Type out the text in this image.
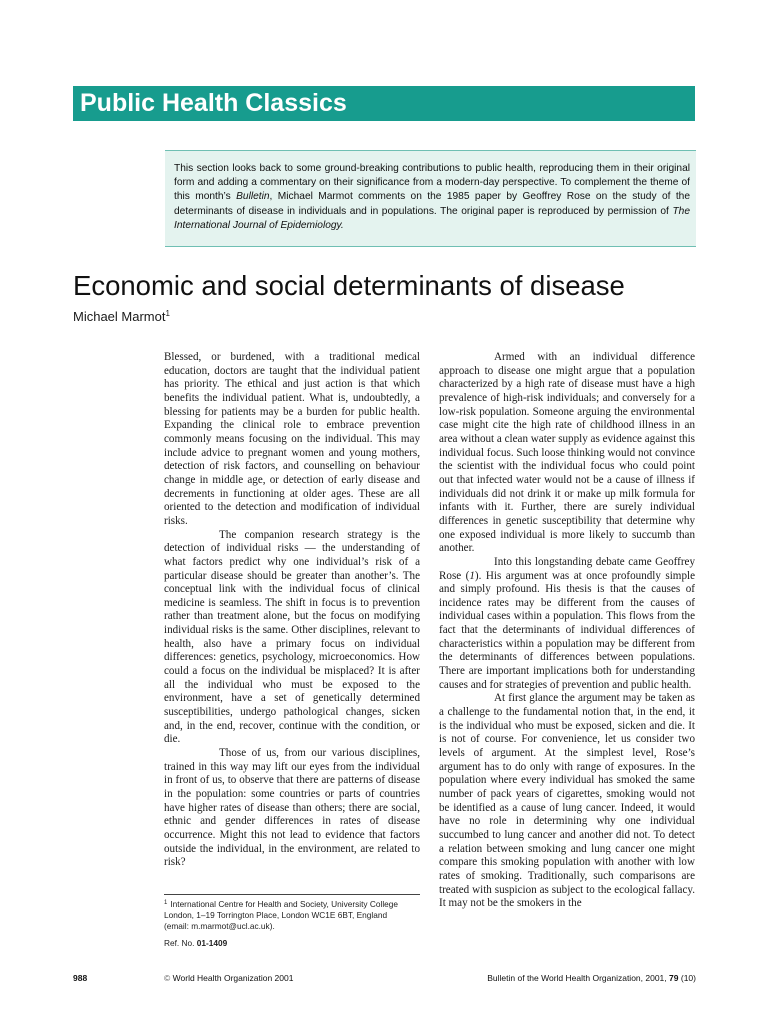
Public Health Classics
This section looks back to some ground-breaking contributions to public health, reproducing them in their original form and adding a commentary on their significance from a modern-day perspective. To complement the theme of this month’s Bulletin, Michael Marmot comments on the 1985 paper by Geoffrey Rose on the study of the determinants of disease in individuals and in populations. The original paper is reproduced by permission of The International Journal of Epidemiology.
Economic and social determinants of disease
Michael Marmot$^1$

Blessed, or burdened, with a traditional medical education, doctors are taught that the individual patient has priority. The ethical and just action is that which benefits the individual patient. What is, undoubtedly, a blessing for patients may be a burden for public health. Expanding the clinical role to embrace prevention commonly means focusing on the individual. This may include advice to pregnant women and young mothers, detection of risk factors, and counselling on behaviour change in middle age, or detection of early disease and decrements in functioning at older ages. These are all oriented to the detection and modification of individual risks.

The companion research strategy is the detection of individual risks — the understanding of what factors predict why one individual’s risk of a particular disease should be greater than another’s. The conceptual link with the individual focus of clinical medicine is seamless. The shift in focus is to prevention rather than treatment alone, but the focus on modifying individual risks is the same. Other disciplines, relevant to health, also have a primary focus on individual differences: genetics, psychology, microeconomics. How could a focus on the individual be misplaced? It is after all the individual who must be exposed to the environment, have a set of genetically determined susceptibilities, undergo pathological changes, sicken and, in the end, recover, continue with the condition, or die.

Those of us, from our various disciplines, trained in this way may lift our eyes from the individual in front of us, to observe that there are patterns of disease in the population: some countries or parts of countries have higher rates of disease than others; there are social, ethnic and gender differences in rates of disease occurrence. Might this not lead to evidence that factors outside the individual, in the environment, are related to risk?

Armed with an individual difference approach to disease one might argue that a population characterized by a high rate of disease must have a high prevalence of high-risk individuals; and conversely for a low-risk population. Someone arguing the environmental case might cite the high rate of childhood illness in an area without a clean water supply as evidence against this individual focus. Such loose thinking would not convince the scientist with the individual focus who could point out that infected water would not be a cause of illness if individuals did not drink it or make up milk formula for infants with it. Further, there are surely individual differences in genetic susceptibility that determine why one exposed individual is more likely to succumb than another.

Into this longstanding debate came Geoffrey Rose (1). His argument was at once profoundly simple and simply profound. His thesis is that the causes of incidence rates may be different from the causes of individual cases within a population. This flows from the fact that the determinants of individual differences of characteristics within a population may be different from the determinants of differences between populations. There are important implications both for understanding causes and for strategies of prevention and public health.

At first glance the argument may be taken as a challenge to the fundamental notion that, in the end, it is the individual who must be exposed, sicken and die. It is not of course. For convenience, let us consider two levels of argument. At the simplest level, Rose’s argument has to do only with range of exposures. In the population where every individual has smoked the same number of pack years of cigarettes, smoking would not be identified as a cause of lung cancer. Indeed, it would have no role in determining why one individual succumbed to lung cancer and another did not. To detect a relation between smoking and lung cancer one might compare this smoking population with another with low rates of smoking. Traditionally, such comparisons are treated with suspicion as subject to the ecological fallacy. It may not be the smokers in the

$^1$ International Centre for Health and Society, University College
London, 1–19 Torrington Place, London WC1E 6BT, England
(email: m.marmot@ucl.ac.uk).
Ref. No. 01-1409
988	© World Health Organization 2001	Bulletin of the World Health Organization, 2001, 79 (10)
